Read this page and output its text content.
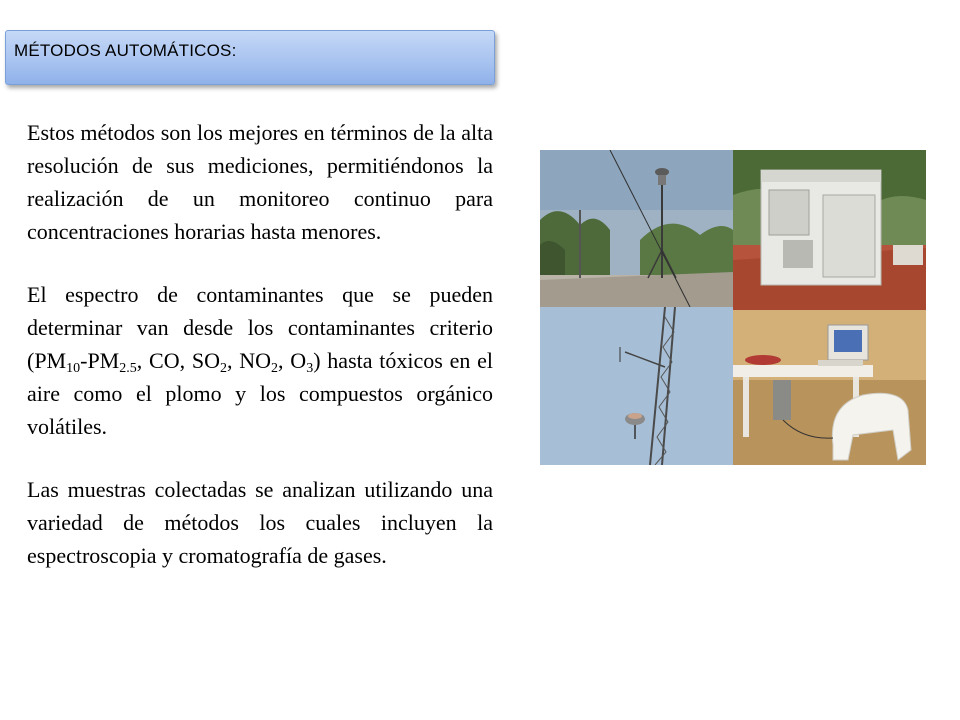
MÉTODOS AUTOMÁTICOS:

Estos métodos son los mejores en términos de la alta resolución de sus mediciones, permitiéndonos la realización de un monitoreo continuo para concentraciones horarias hasta menores.

El espectro de contaminantes que se pueden determinar van desde los contaminantes criterio ($PM_{10}-PM_{2.5}$, CO, $SO_2$, $NO_2$, $O_3$) hasta tóxicos en el aire como el plomo y los compuestos orgánico volátiles.

Las muestras colectadas se analizan utilizando una variedad de métodos los cuales incluyen la espectroscopia y cromatografía de gases.
